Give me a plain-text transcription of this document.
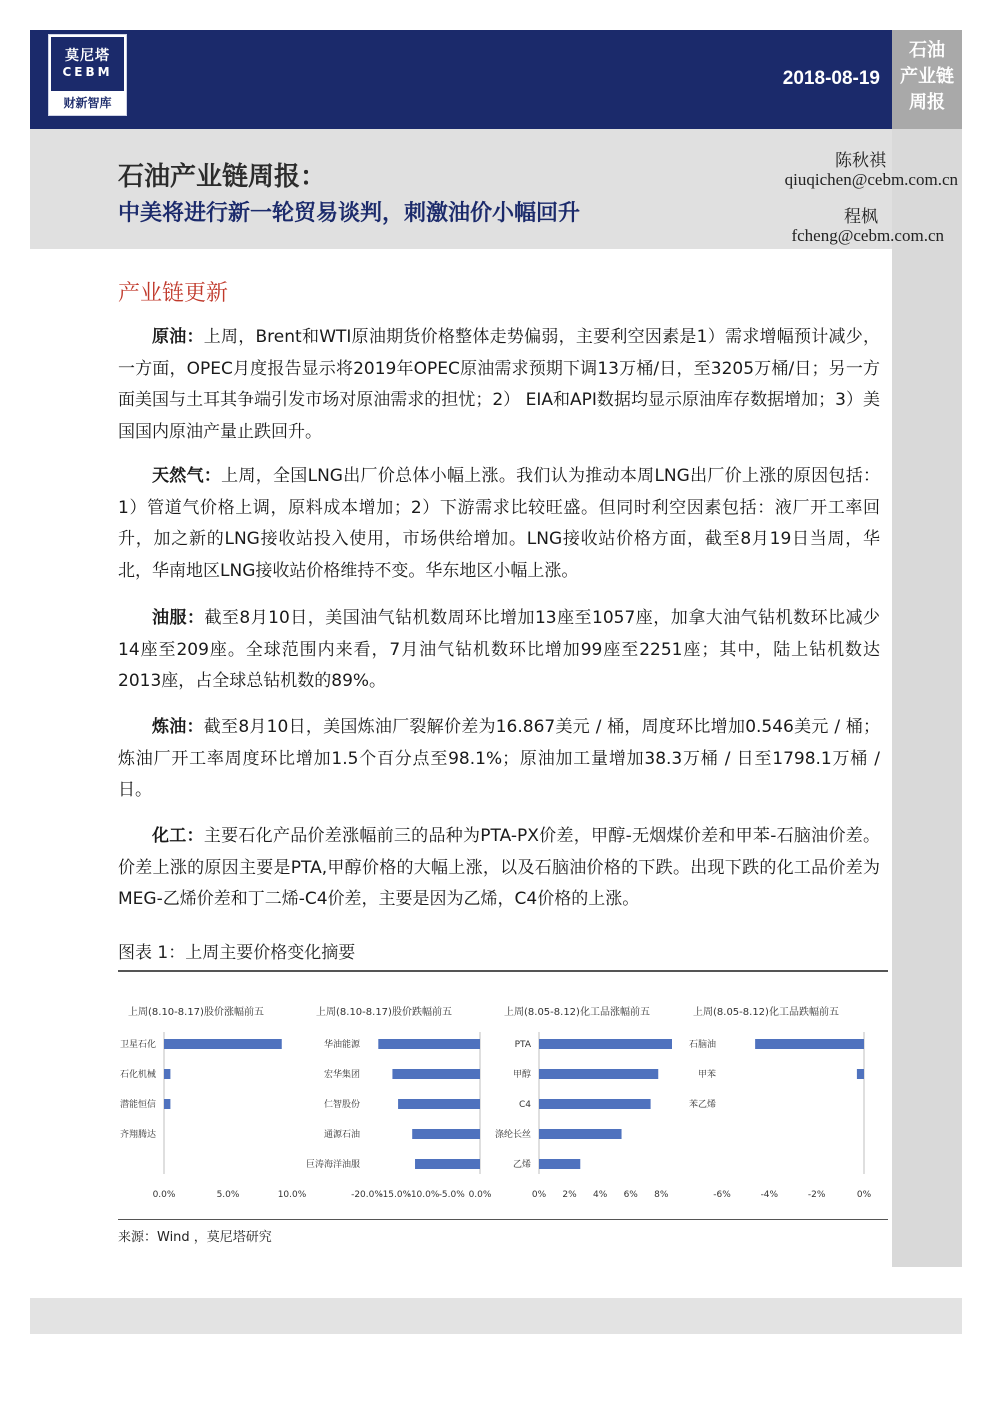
莫尼塔
CEBM
财新智库
2018-08-19
石油
产业链
周报
石油产业链周报：
中美将进行新一轮贸易谈判，刺激油价小幅回升
陈秋祺
qiuqichen@cebm.com.cn
程枫
fcheng@cebm.com.cn
产业链更新
原油：上周，Brent和WTI原油期货价格整体走势偏弱，主要利空因素是1）需求增幅预计减少，一方面，OPEC月度报告显示将2019年OPEC原油需求预期下调13万桶/日，至3205万桶/日；另一方面美国与土耳其争端引发市场对原油需求的担忧；2） EIA和API数据均显示原油库存数据增加；3）美国国内原油产量止跌回升。
天然气：上周，全国LNG出厂价总体小幅上涨。我们认为推动本周LNG出厂价上涨的原因包括：1）管道气价格上调，原料成本增加；2）下游需求比较旺盛。但同时利空因素包括：液厂开工率回升，加之新的LNG接收站投入使用，市场供给增加。LNG接收站价格方面，截至8月19日当周，华北，华南地区LNG接收站价格维持不变。华东地区小幅上涨。
油服：截至8月10日，美国油气钻机数周环比增加13座至1057座，加拿大油气钻机数环比减少14座至209座。全球范围内来看，7月油气钻机数环比增加99座至2251座；其中，陆上钻机数达2013座，占全球总钻机数的89%。
炼油：截至8月10日，美国炼油厂裂解价差为16.867美元 / 桶，周度环比增加0.546美元 / 桶；炼油厂开工率周度环比增加1.5个百分点至98.1%；原油加工量增加38.3万桶 / 日至1798.1万桶 / 日。
化工：主要石化产品价差涨幅前三的品种为PTA-PX价差，甲醇-无烟煤价差和甲苯-石脑油价差。价差上涨的原因主要是PTA,甲醇价格的大幅上涨，以及石脑油价格的下跌。出现下跌的化工品价差为MEG-乙烯价差和丁二烯-C4价差，主要是因为乙烯，C4价格的上涨。
图表 1：上周主要价格变化摘要
上周(8.10-8.17)股价涨幅前五
卫星石化
石化机械
潜能恒信
齐翔腾达
0.0%	5.0%	10.0%
上周(8.10-8.17)股价跌幅前五
华油能源
宏华集团
仁智股份
通源石油
巨涛海洋油服
-20.0%
-15.0%
-10.0% -5.0% 0.0%
上周(8.05-8.12)化工品涨幅前五
PTA
甲醇
C4
涤纶长丝
乙烯
0% 2% 4% 6% 8%
上周(8.05-8.12)化工品跌幅前五
石脑油
甲苯
苯乙烯
-6%	-4%	-2%	0%
来源：Wind ，莫尼塔研究
